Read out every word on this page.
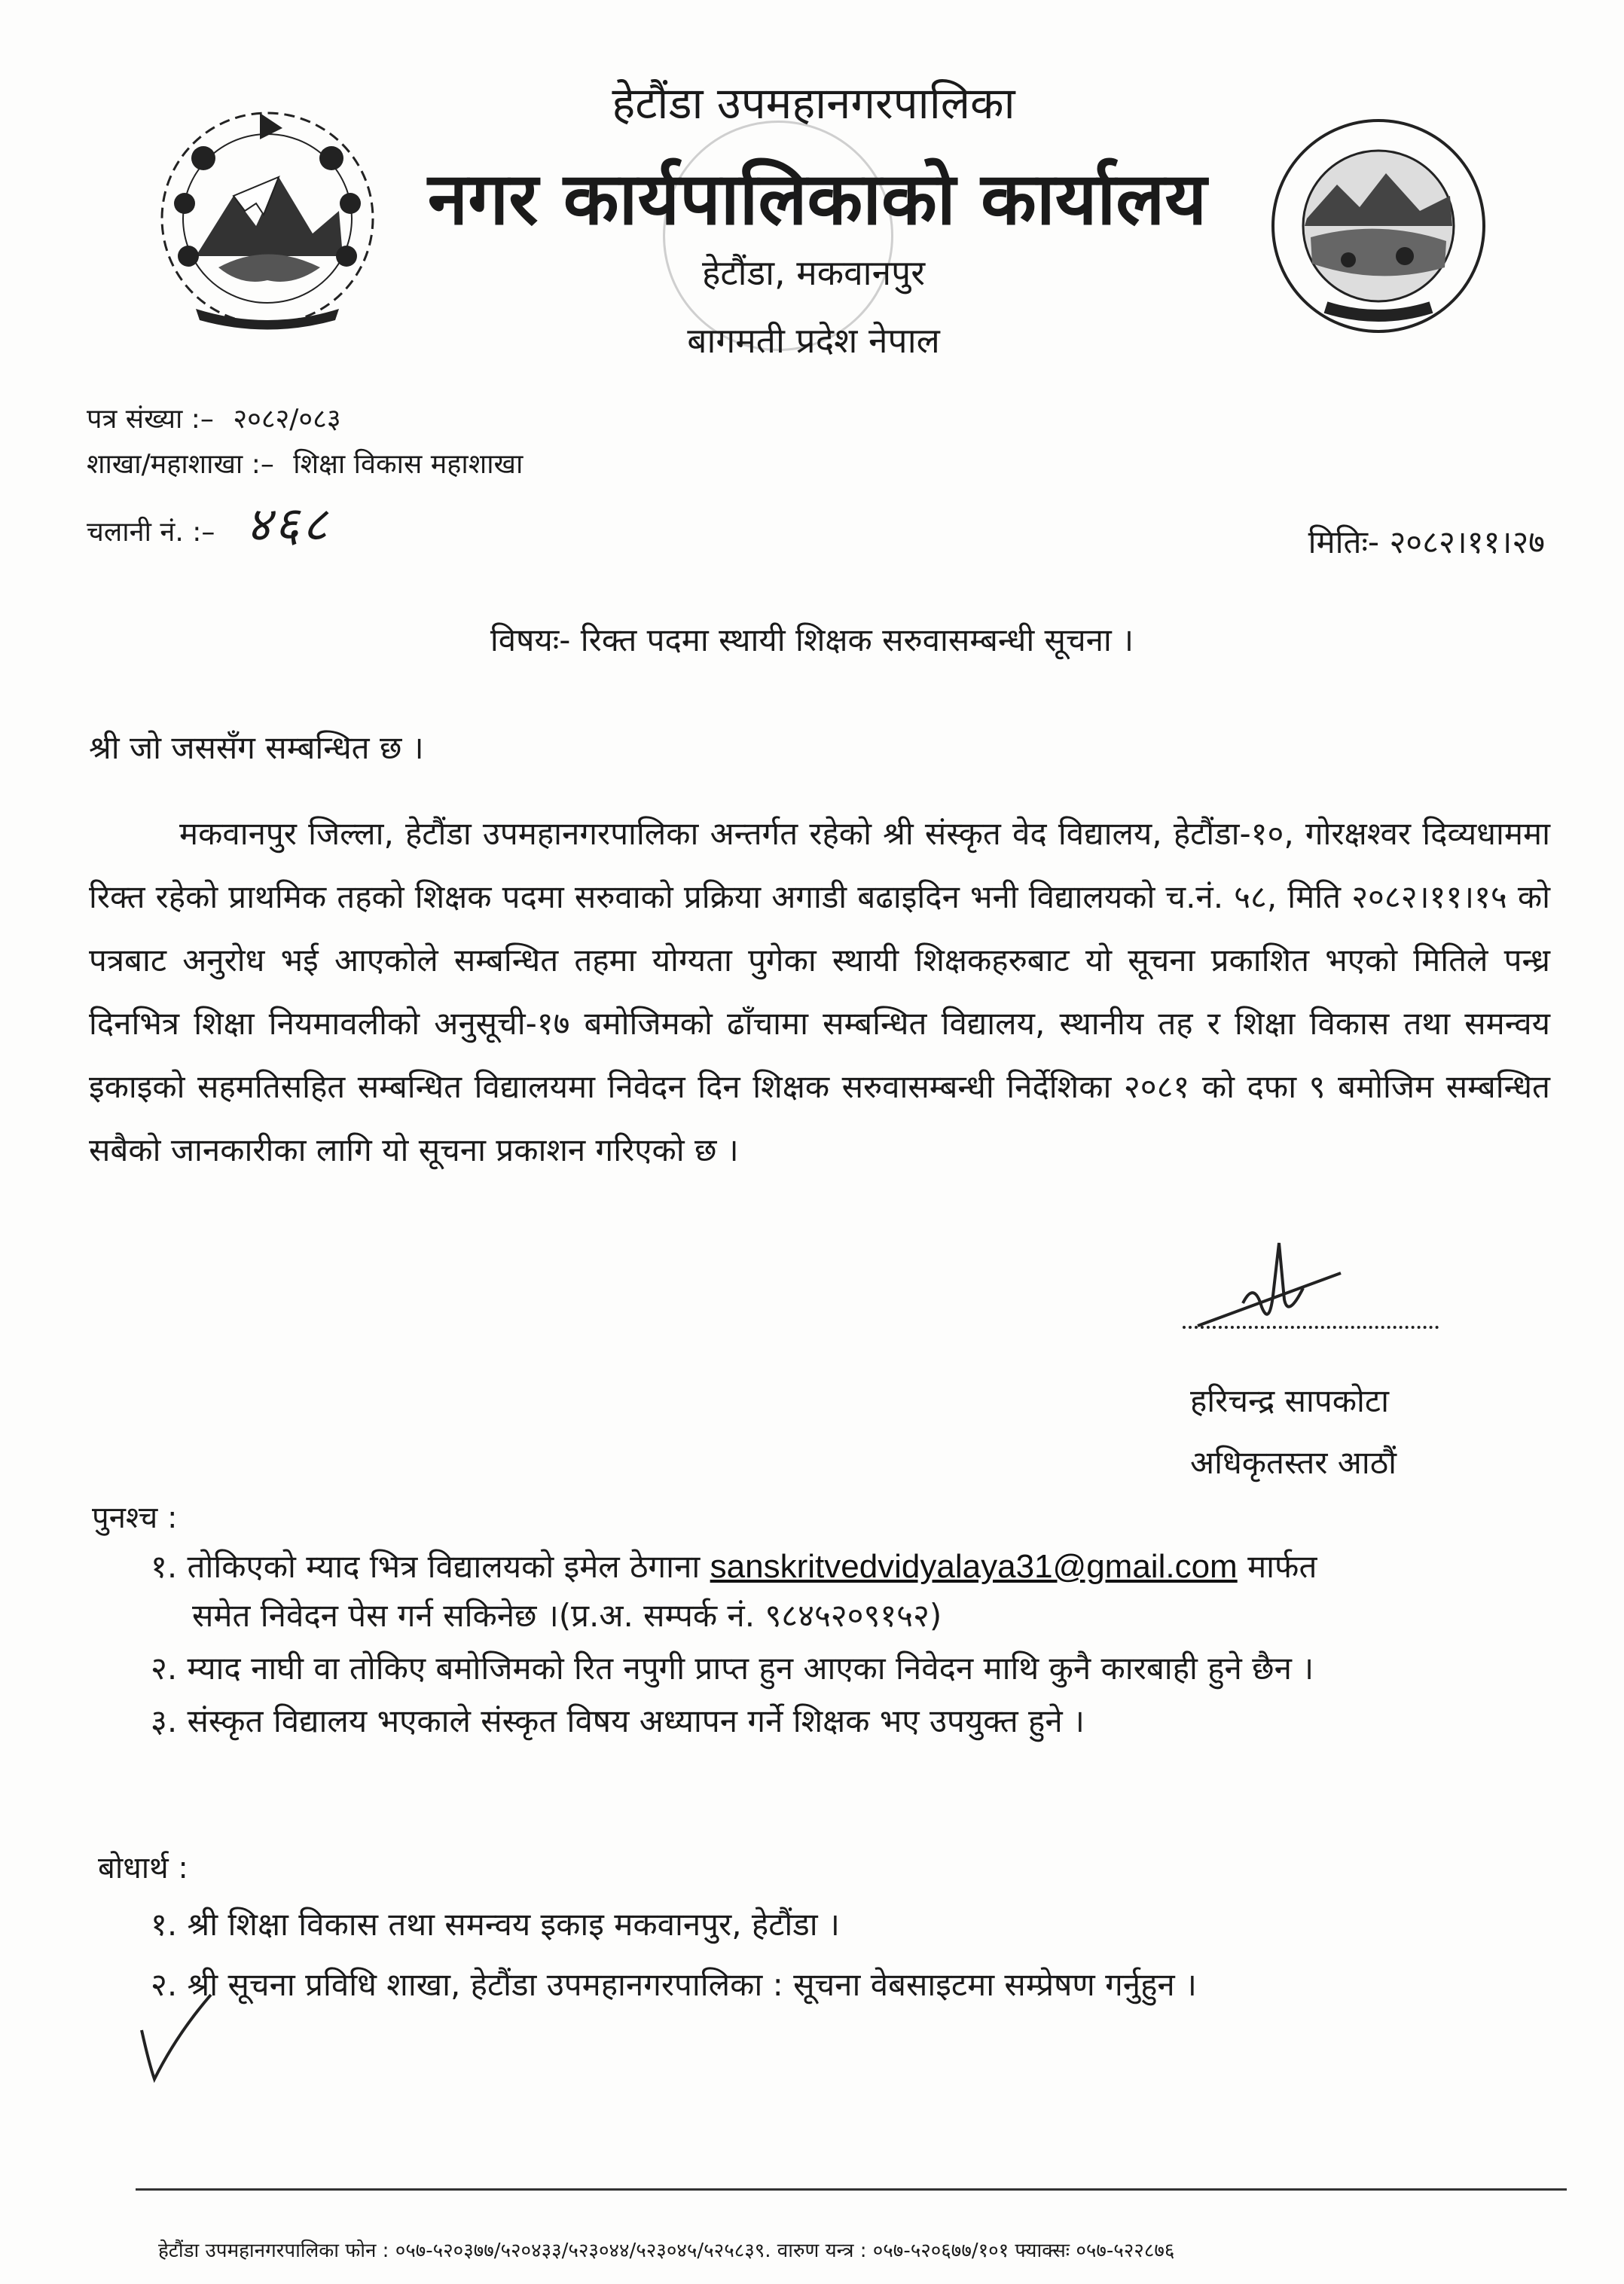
हेटौंडा उपमहानगरपालिका
नगर कार्यपालिकाको कार्यालय
हेटौंडा, मकवानपुर
बागमती प्रदेश नेपाल
पत्र संख्या :– २०८२/०८३
शाखा/महाशाखा :– शिक्षा विकास महाशाखा
चलानी नं. :– ४६८	मितिः- २०८२।११।२७
विषयः- रिक्त पदमा स्थायी शिक्षक सरुवासम्बन्धी सूचना ।
श्री जो जससँग सम्बन्धित छ ।
मकवानपुर जिल्ला, हेटौंडा उपमहानगरपालिका अन्तर्गत रहेको श्री संस्कृत वेद विद्यालय, हेटौंडा-१०, गोरक्षश्वर दिव्यधाममा रिक्त रहेको प्राथमिक तहको शिक्षक पदमा सरुवाको प्रक्रिया अगाडी बढाइदिन भनी विद्यालयको च.नं. ५८, मिति २०८२।११।१५ को पत्रबाट अनुरोध भई आएकोले सम्बन्धित तहमा योग्यता पुगेका स्थायी शिक्षकहरुबाट यो सूचना प्रकाशित भएको मितिले पन्ध्र दिनभित्र शिक्षा नियमावलीको अनुसूची-१७ बमोजिमको ढाँचामा सम्बन्धित विद्यालय, स्थानीय तह र शिक्षा विकास तथा समन्वय इकाइको सहमतिसहित सम्बन्धित विद्यालयमा निवेदन दिन शिक्षक सरुवासम्बन्धी निर्देशिका २०८१ को दफा ९ बमोजिम सम्बन्धित सबैको जानकारीका लागि यो सूचना प्रकाशन गरिएको छ ।
हरिचन्द्र सापकोटा
अधिकृतस्तर आठौं
पुनश्च :
१. तोकिएको म्याद भित्र विद्यालयको इमेल ठेगाना sanskritvedvidyalaya31@gmail.com मार्फत
समेत निवेदन पेस गर्न सकिनेछ ।(प्र.अ. सम्पर्क नं. ९८४५२०९१५२)
२. म्याद नाघी वा तोकिए बमोजिमको रित नपुगी प्राप्त हुन आएका निवेदन माथि कुनै कारबाही हुने छैन ।
३. संस्कृत विद्यालय भएकाले संस्कृत विषय अध्यापन गर्ने शिक्षक भए उपयुक्त हुने ।
बोधार्थ :
१. श्री शिक्षा विकास तथा समन्वय इकाइ मकवानपुर, हेटौंडा ।
२. श्री सूचना प्रविधि शाखा, हेटौंडा उपमहानगरपालिका : सूचना वेबसाइटमा सम्प्रेषण गर्नुहुन ।
हेटौंडा उपमहानगरपालिका फोन : ०५७-५२०३७७/५२०४३३/५२३०४४/५२३०४५/५२५८३९. वारुण यन्त्र : ०५७-५२०६७७/१०१ फ्याक्सः ०५७-५२२८७६
